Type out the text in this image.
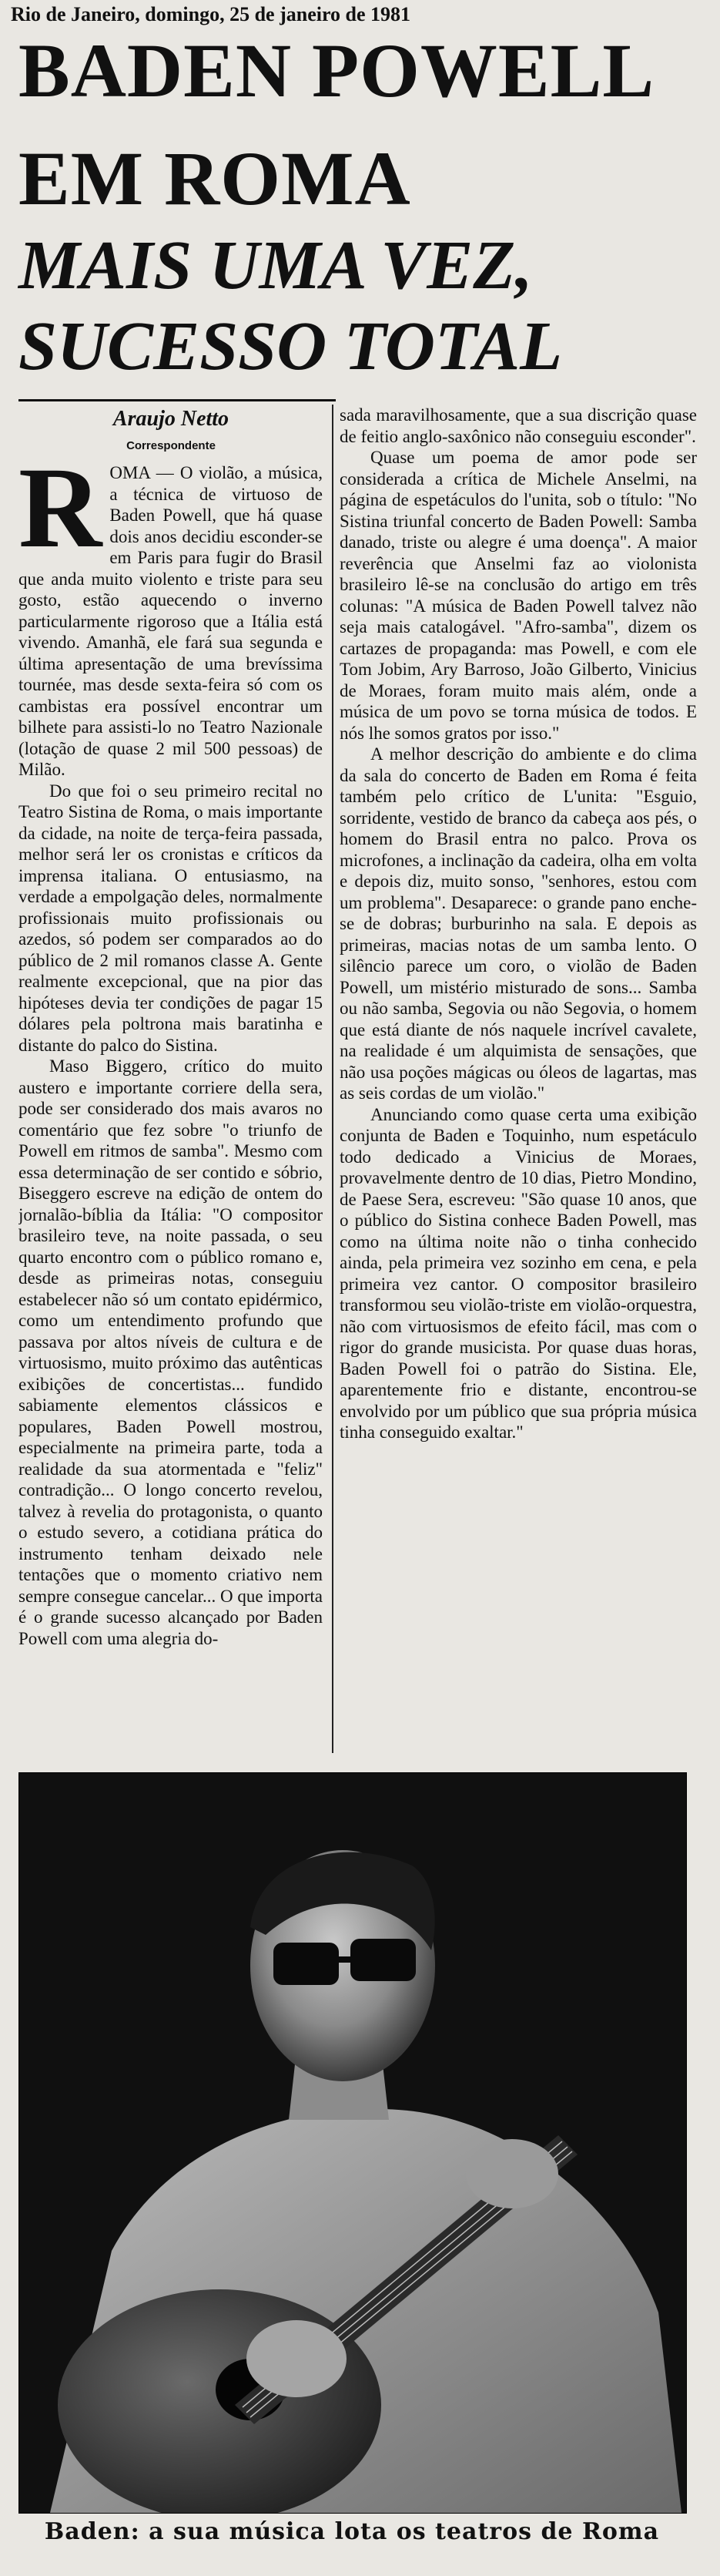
Rio de Janeiro, domingo, 25 de janeiro de 1981
BADEN POWELL
EM ROMA
MAIS UMA VEZ,
SUCESSO TOTAL
Araujo Netto
Correspondente

ROMA — O violão, a música, a técnica de virtuoso de Baden Powell, que há quase dois anos decidiu esconder-se em Paris para fugir do Brasil que anda muito violento e triste para seu gosto, estão aquecendo o inverno particularmente rigoroso que a Itália está vivendo. Amanhã, ele fará sua segunda e última apresentação de uma brevíssima tournée, mas desde sexta-feira só com os cambistas era possível encontrar um bilhete para assisti-lo no Teatro Nazionale (lotação de quase 2 mil 500 pessoas) de Milão.

Do que foi o seu primeiro recital no Teatro Sistina de Roma, o mais importante da cidade, na noite de terça-feira passada, melhor será ler os cronistas e críticos da imprensa italiana. O entusiasmo, na verdade a empolgação deles, normalmente profissionais muito profissionais ou azedos, só podem ser comparados ao do público de 2 mil romanos classe A. Gente realmente excepcional, que na pior das hipóteses devia ter condições de pagar 15 dólares pela poltrona mais baratinha e distante do palco do Sistina.

Maso Biggero, crítico do muito austero e importante corriere della sera, pode ser considerado dos mais avaros no comentário que fez sobre "o triunfo de Powell em ritmos de samba". Mesmo com essa determinação de ser contido e sóbrio, Biseggero escreve na edição de ontem do jornalão-bíblia da Itália: "O compositor brasileiro teve, na noite passada, o seu quarto encontro com o público romano e, desde as primeiras notas, conseguiu estabelecer não só um contato epidérmico, como um entendimento profundo que passava por altos níveis de cultura e de virtuosismo, muito próximo das autênticas exibições de concertistas... fundido sabiamente elementos clássicos e populares, Baden Powell mostrou, especialmente na primeira parte, toda a realidade da sua atormentada e "feliz" contradição... O longo concerto revelou, talvez à revelia do protagonista, o quanto o estudo severo, a cotidiana prática do instrumento tenham deixado nele tentações que o momento criativo nem sempre consegue cancelar... O que importa é o grande sucesso alcançado por Baden Powell com uma alegria do-

sada maravilhosamente, que a sua discrição quase de feitio anglo-saxônico não conseguiu esconder".

Quase um poema de amor pode ser considerada a crítica de Michele Anselmi, na página de espetáculos do l'unita, sob o título: "No Sistina triunfal concerto de Baden Powell: Samba danado, triste ou alegre é uma doença". A maior reverência que Anselmi faz ao violonista brasileiro lê-se na conclusão do artigo em três colunas: "A música de Baden Powell talvez não seja mais catalogável. "Afro-samba", dizem os cartazes de propaganda: mas Powell, e com ele Tom Jobim, Ary Barroso, João Gilberto, Vinicius de Moraes, foram muito mais além, onde a música de um povo se torna música de todos. E nós lhe somos gratos por isso."

A melhor descrição do ambiente e do clima da sala do concerto de Baden em Roma é feita também pelo crítico de L'unita: "Esguio, sorridente, vestido de branco da cabeça aos pés, o homem do Brasil entra no palco. Prova os microfones, a inclinação da cadeira, olha em volta e depois diz, muito sonso, "senhores, estou com um problema". Desaparece: o grande pano enche-se de dobras; burburinho na sala. E depois as primeiras, macias notas de um samba lento. O silêncio parece um coro, o violão de Baden Powell, um mistério misturado de sons... Samba ou não samba, Segovia ou não Segovia, o homem que está diante de nós naquele incrível cavalete, na realidade é um alquimista de sensações, que não usa poções mágicas ou óleos de lagartas, mas as seis cordas de um violão."

Anunciando como quase certa uma exibição conjunta de Baden e Toquinho, num espetáculo todo dedicado a Vinicius de Moraes, provavelmente dentro de 10 dias, Pietro Mondino, de Paese Sera, escreveu: "São quase 10 anos, que o público do Sistina conhece Baden Powell, mas como na última noite não o tinha conhecido ainda, pela primeira vez sozinho em cena, e pela primeira vez cantor. O compositor brasileiro transformou seu violão-triste em violão-orquestra, não com virtuosismos de efeito fácil, mas com o rigor do grande musicista. Por quase duas horas, Baden Powell foi o patrão do Sistina. Ele, aparentemente frio e distante, encontrou-se envolvido por um público que sua própria música tinha conseguido exaltar."

Baden: a sua música lota os teatros de Roma
